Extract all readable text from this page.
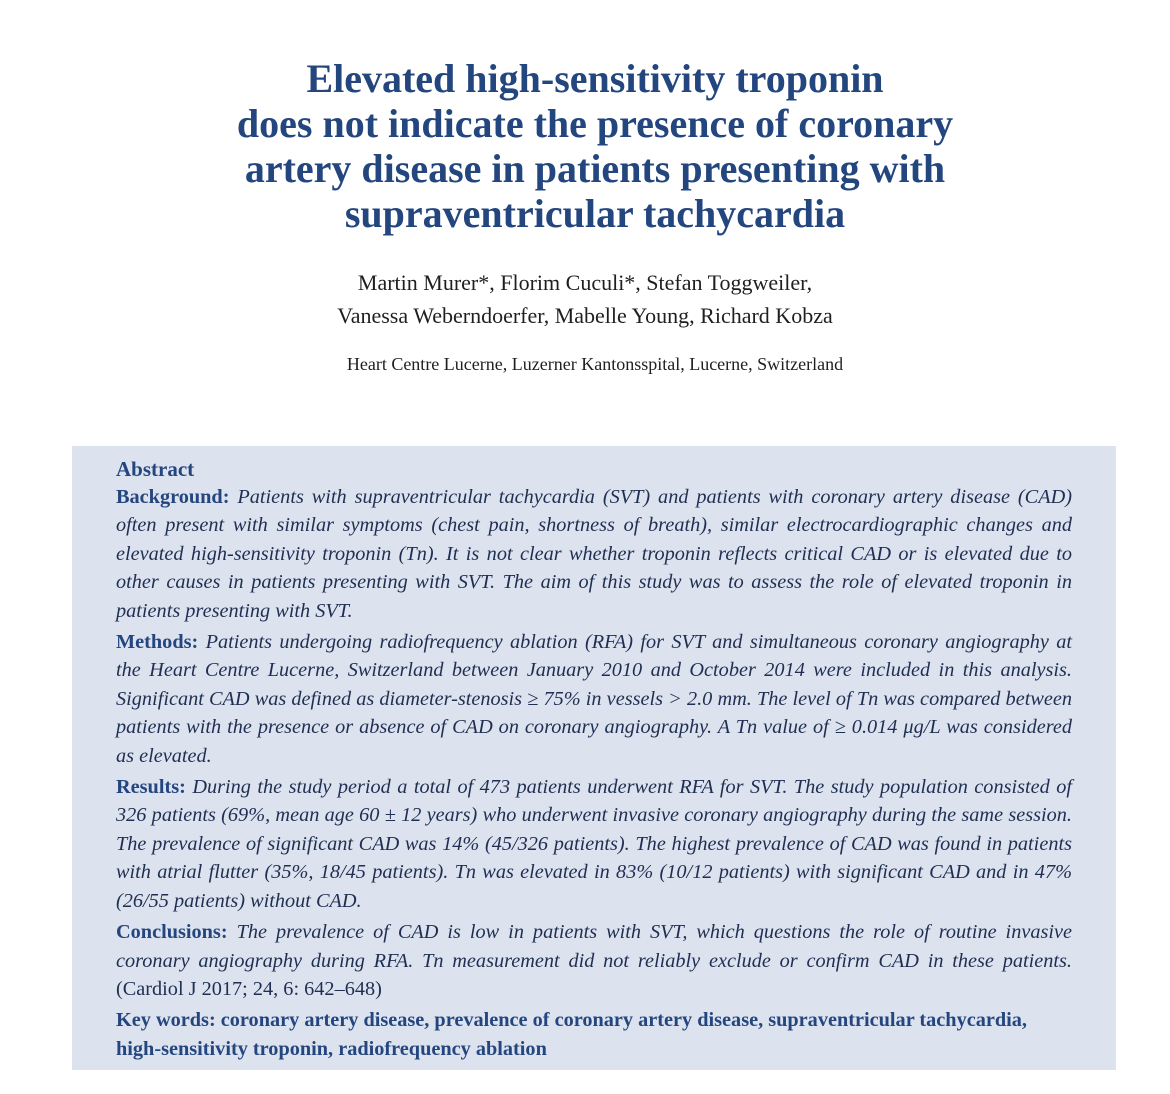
Elevated high-sensitivity troponin
does not indicate the presence of coronary
artery disease in patients presenting with
supraventricular tachycardia
Martin Murer*, Florim Cuculi*, Stefan Toggweiler,
Vanessa Weberndoerfer, Mabelle Young, Richard Kobza
Heart Centre Lucerne, Luzerner Kantonsspital, Lucerne, Switzerland

Abstract

Background: Patients with supraventricular tachycardia (SVT) and patients with coronary artery disease (CAD) often present with similar symptoms (chest pain, shortness of breath), similar electrocardiographic changes and elevated high-sensitivity troponin (Tn). It is not clear whether troponin reflects critical CAD or is elevated due to other causes in patients presenting with SVT. The aim of this study was to assess the role of elevated troponin in patients presenting with SVT.

Methods: Patients undergoing radiofrequency ablation (RFA) for SVT and simultaneous coronary angiography at the Heart Centre Lucerne, Switzerland between January 2010 and October 2014 were included in this analysis. Significant CAD was defined as diameter-stenosis ≥ 75% in vessels > 2.0 mm. The level of Tn was compared between patients with the presence or absence of CAD on coronary angiography. A Tn value of ≥ 0.014 μg/L was considered as elevated.

Results: During the study period a total of 473 patients underwent RFA for SVT. The study population consisted of 326 patients (69%, mean age 60 ± 12 years) who underwent invasive coronary angiography during the same session. The prevalence of significant CAD was 14% (45/326 patients). The highest prevalence of CAD was found in patients with atrial flutter (35%, 18/45 patients). Tn was elevated in 83% (10/12 patients) with significant CAD and in 47% (26/55 patients) without CAD.

Conclusions: The prevalence of CAD is low in patients with SVT, which questions the role of routine invasive coronary angiography during RFA. Tn measurement did not reliably exclude or confirm CAD in these patients. (Cardiol J 2017; 24, 6: 642–648)

Key words: coronary artery disease, prevalence of coronary artery disease, supraventricular tachycardia, high-sensitivity troponin, radiofrequency ablation
